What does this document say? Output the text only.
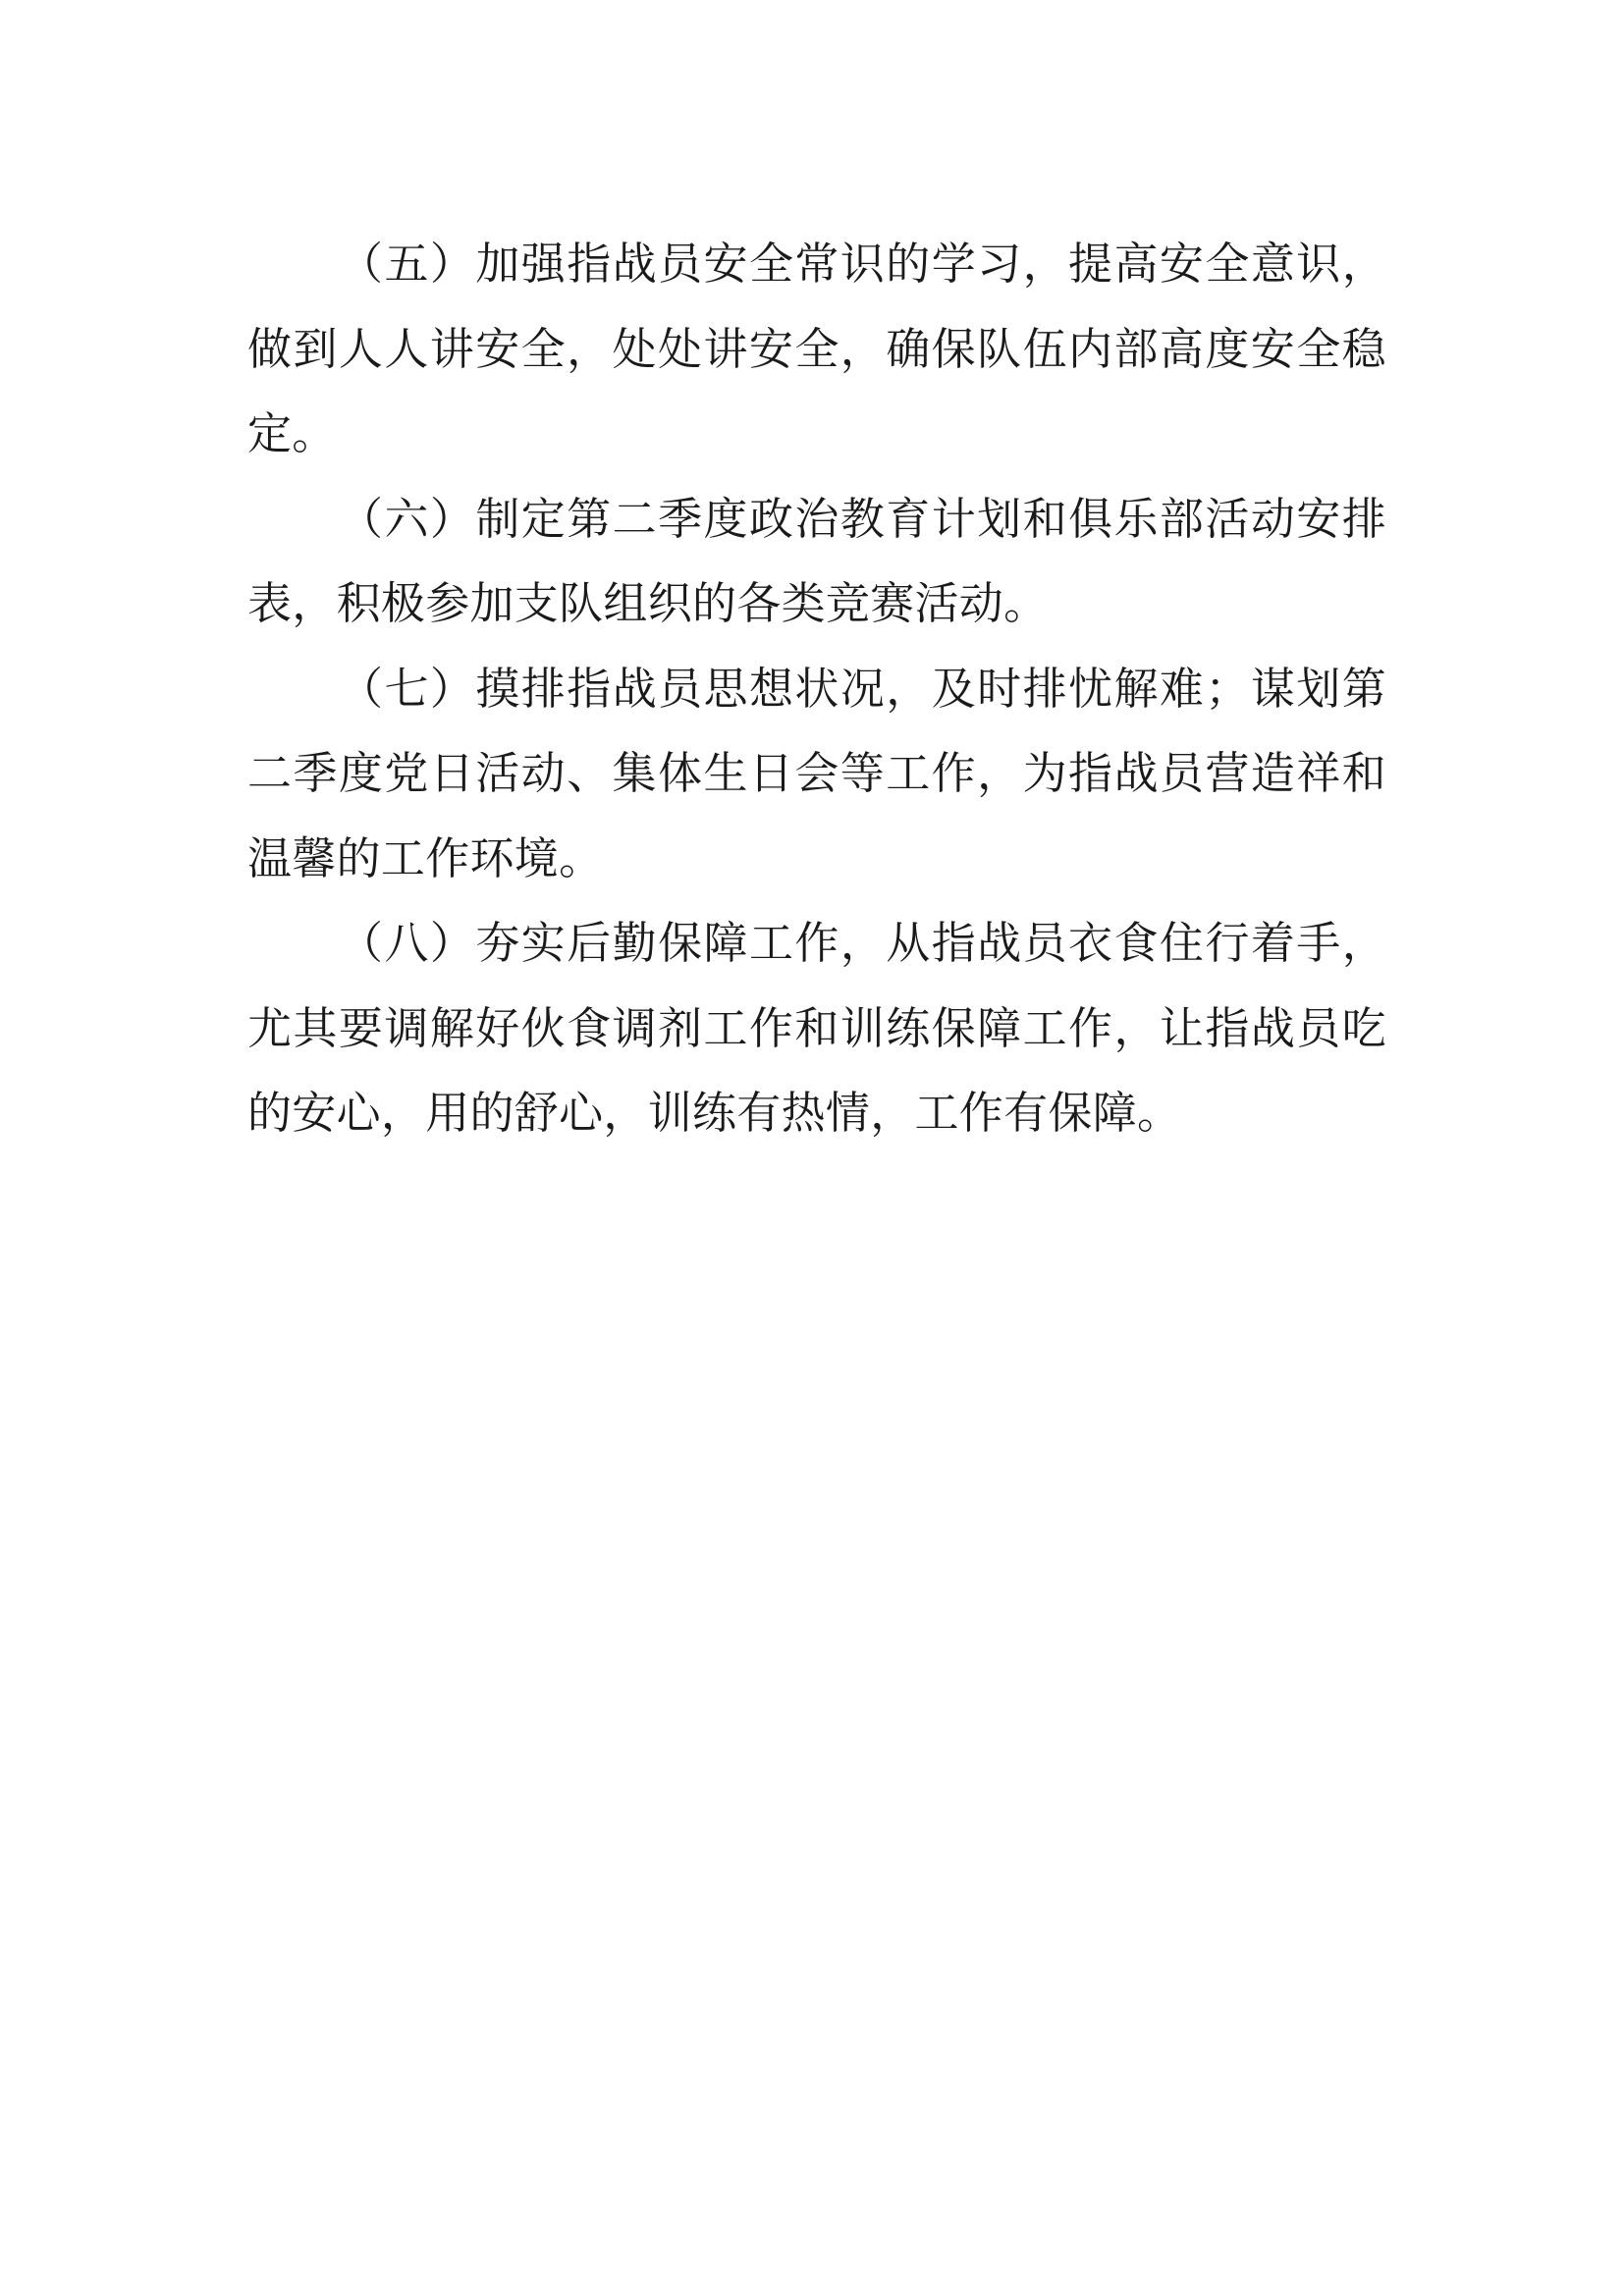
（五）加强指战员安全常识的学习，提高安全意识，做到人人讲安全，处处讲安全，确保队伍内部高度安全稳定。

（六）制定第二季度政治教育计划和俱乐部活动安排表，积极参加支队组织的各类竞赛活动。

（七）摸排指战员思想状况，及时排忧解难；谋划第二季度党日活动、集体生日会等工作，为指战员营造祥和温馨的工作环境。

（八）夯实后勤保障工作，从指战员衣食住行着手，尤其要调解好伙食调剂工作和训练保障工作，让指战员吃的安心，用的舒心，训练有热情，工作有保障。
